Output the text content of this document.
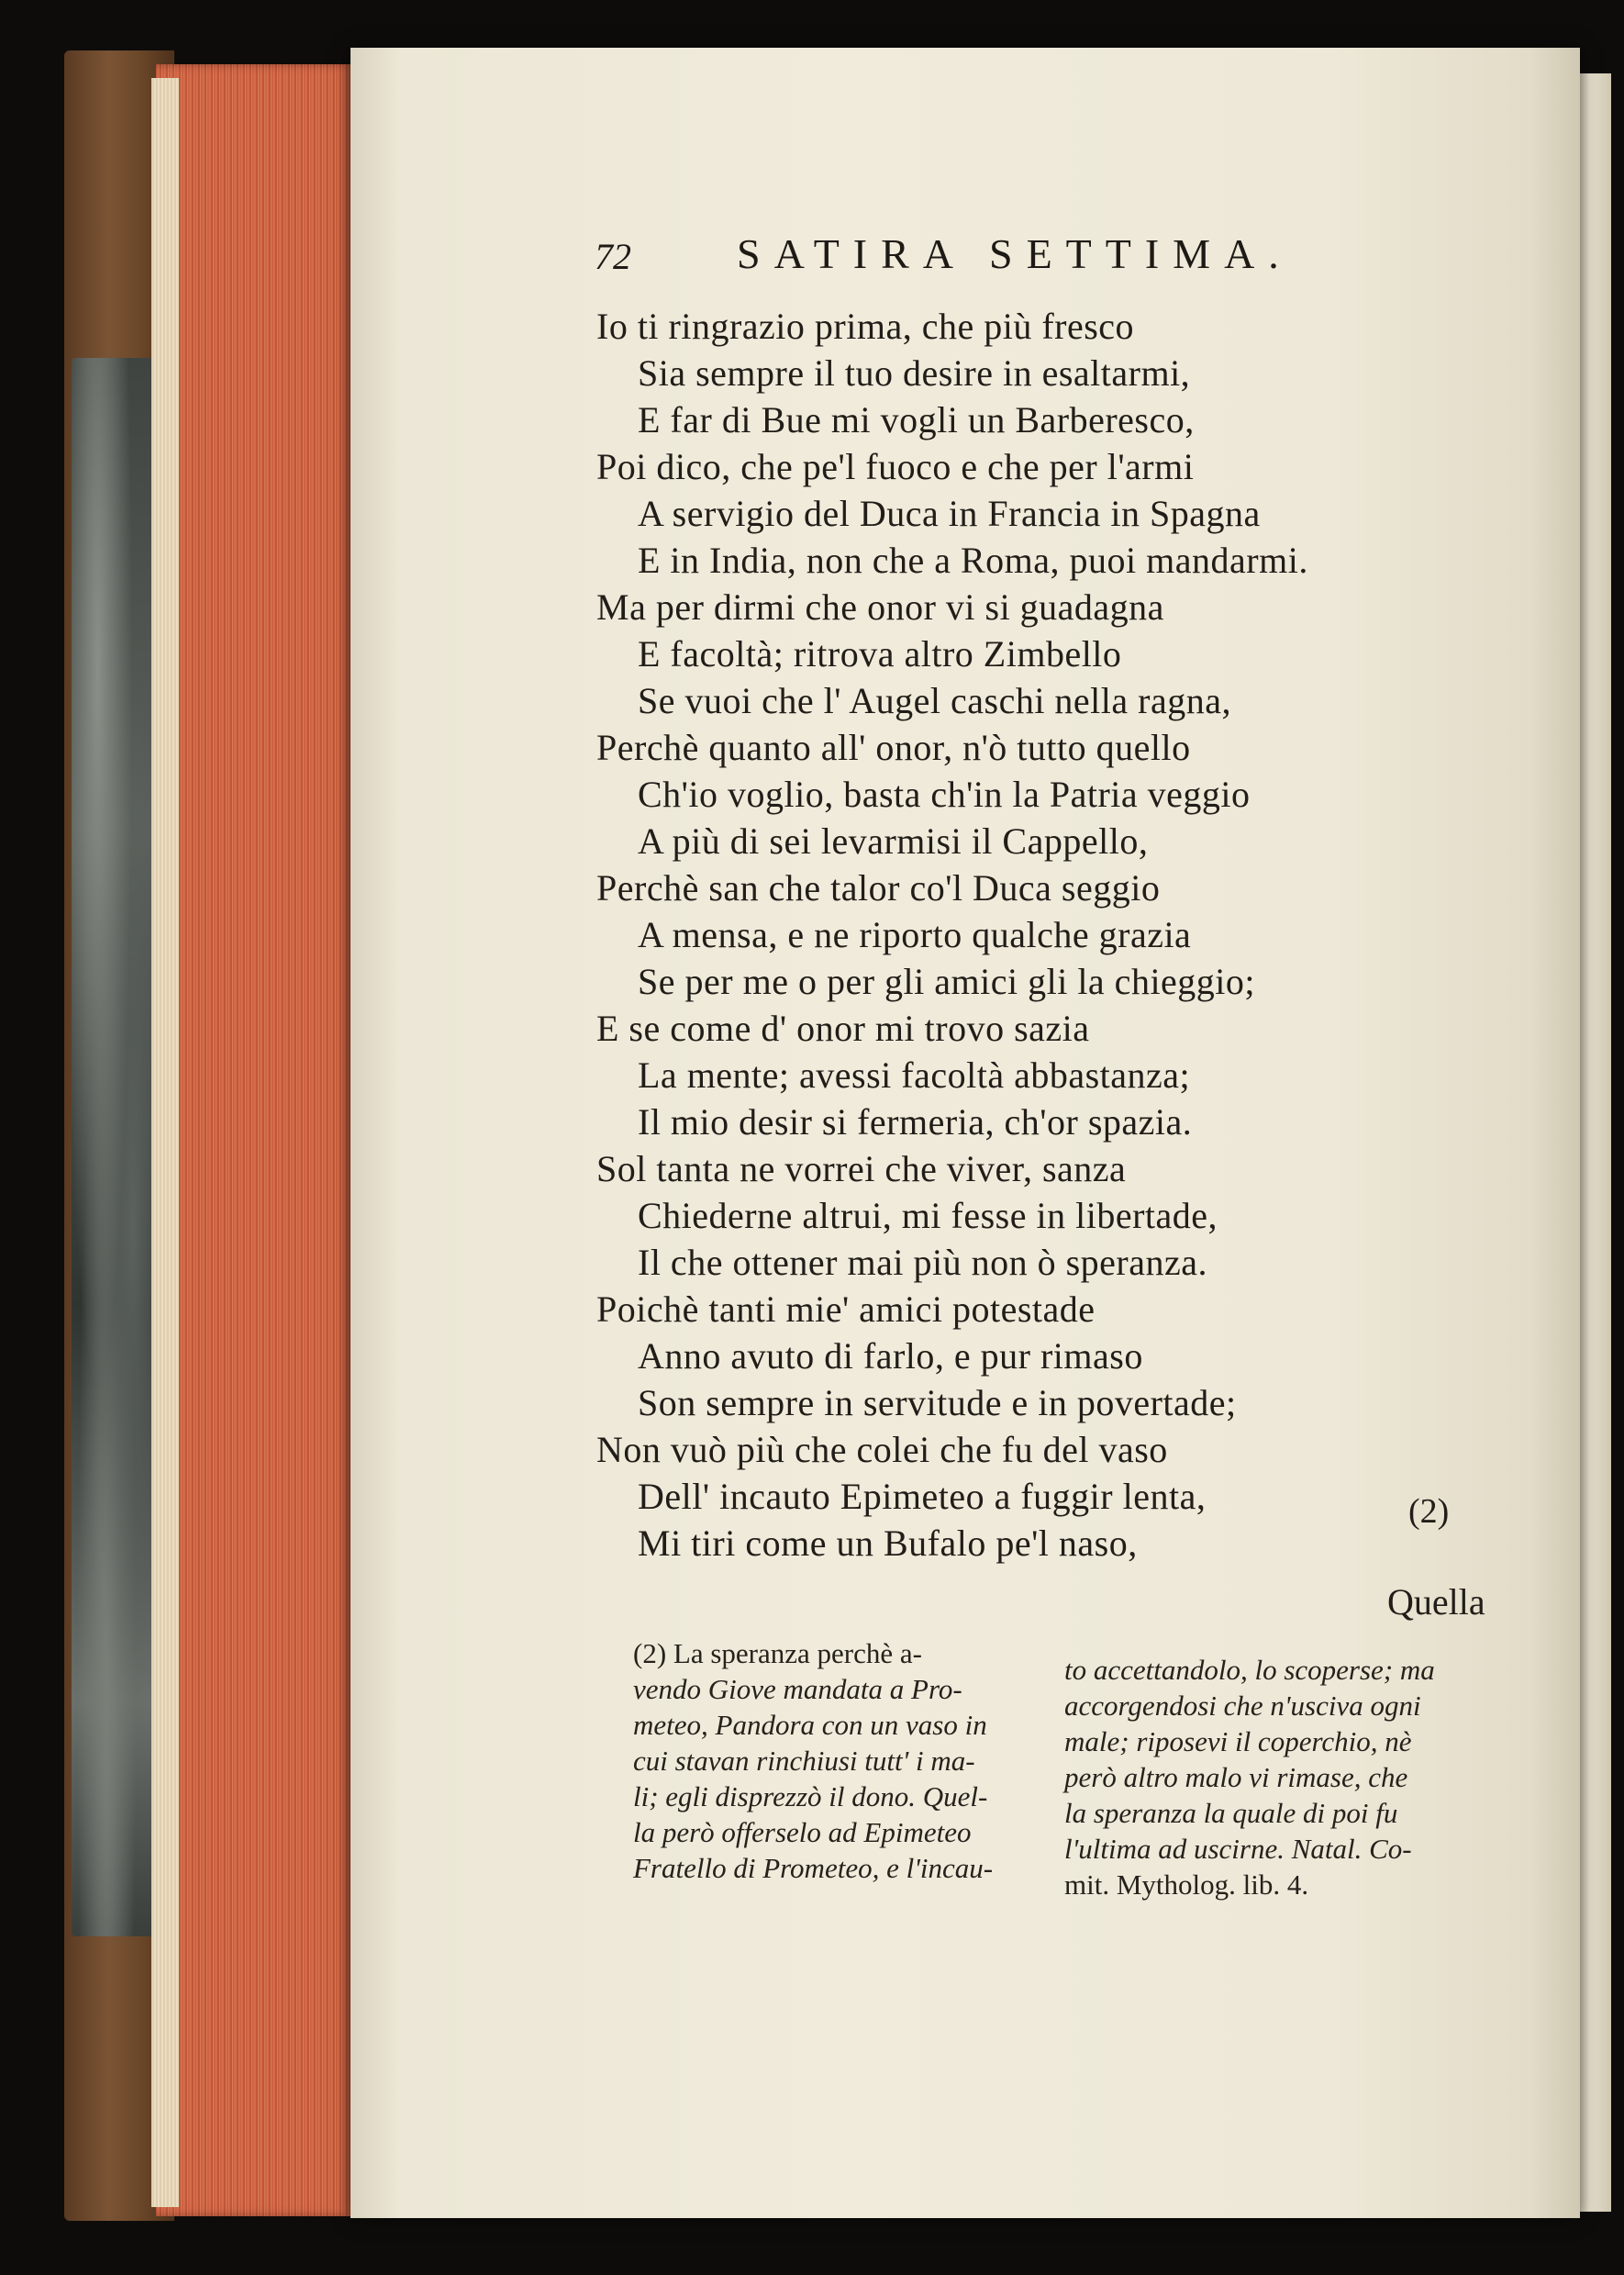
72	SATIRA SETTIMA.
Io ti ringrazio prima, che più fresco
Sia sempre il tuo desire in esaltarmi,
E far di Bue mi vogli un Barberesco,
Poi dico, che pe'l fuoco e che per l'armi
A servigio del Duca in Francia in Spagna
E in India, non che a Roma, puoi mandarmi.
Ma per dirmi che onor vi si guadagna
E facoltà; ritrova altro Zimbello
Se vuoi che l' Augel caschi nella ragna,
Perchè quanto all' onor, n'ò tutto quello
Ch'io voglio, basta ch'in la Patria veggio
A più di sei levarmisi il Cappello,
Perchè san che talor co'l Duca seggio
A mensa, e ne riporto qualche grazia
Se per me o per gli amici gli la chieggio;
E se come d' onor mi trovo sazia
La mente; avessi facoltà abbastanza;
Il mio desir si fermeria, ch'or spazia.
Sol tanta ne vorrei che viver, sanza
Chiederne altrui, mi fesse in libertade,
Il che ottener mai più non ò speranza.
Poichè tanti mie' amici potestade
Anno avuto di farlo, e pur rimaso
Son sempre in servitude e in povertade;
Non vuò più che colei che fu del vaso
Dell' incauto Epimeteo a fuggir lenta,
Mi tiri come un Bufalo pe'l naso,
(2)
Quella
(2) La speranza perchè a-
vendo Giove mandata a Pro-
meteo, Pandora con un vaso in
cui stavan rinchiusi tutt' i ma-
li; egli disprezzò il dono. Quel-
la però offerselo ad Epimeteo
Fratello di Prometeo, e l'incau-
to accettandolo, lo scoperse; ma
accorgendosi che n'usciva ogni
male; riposevi il coperchio, nè
però altro malo vi rimase, che
la speranza la quale di poi fu
l'ultima ad uscirne. Natal. Co-
mit. Mytholog. lib. 4.
